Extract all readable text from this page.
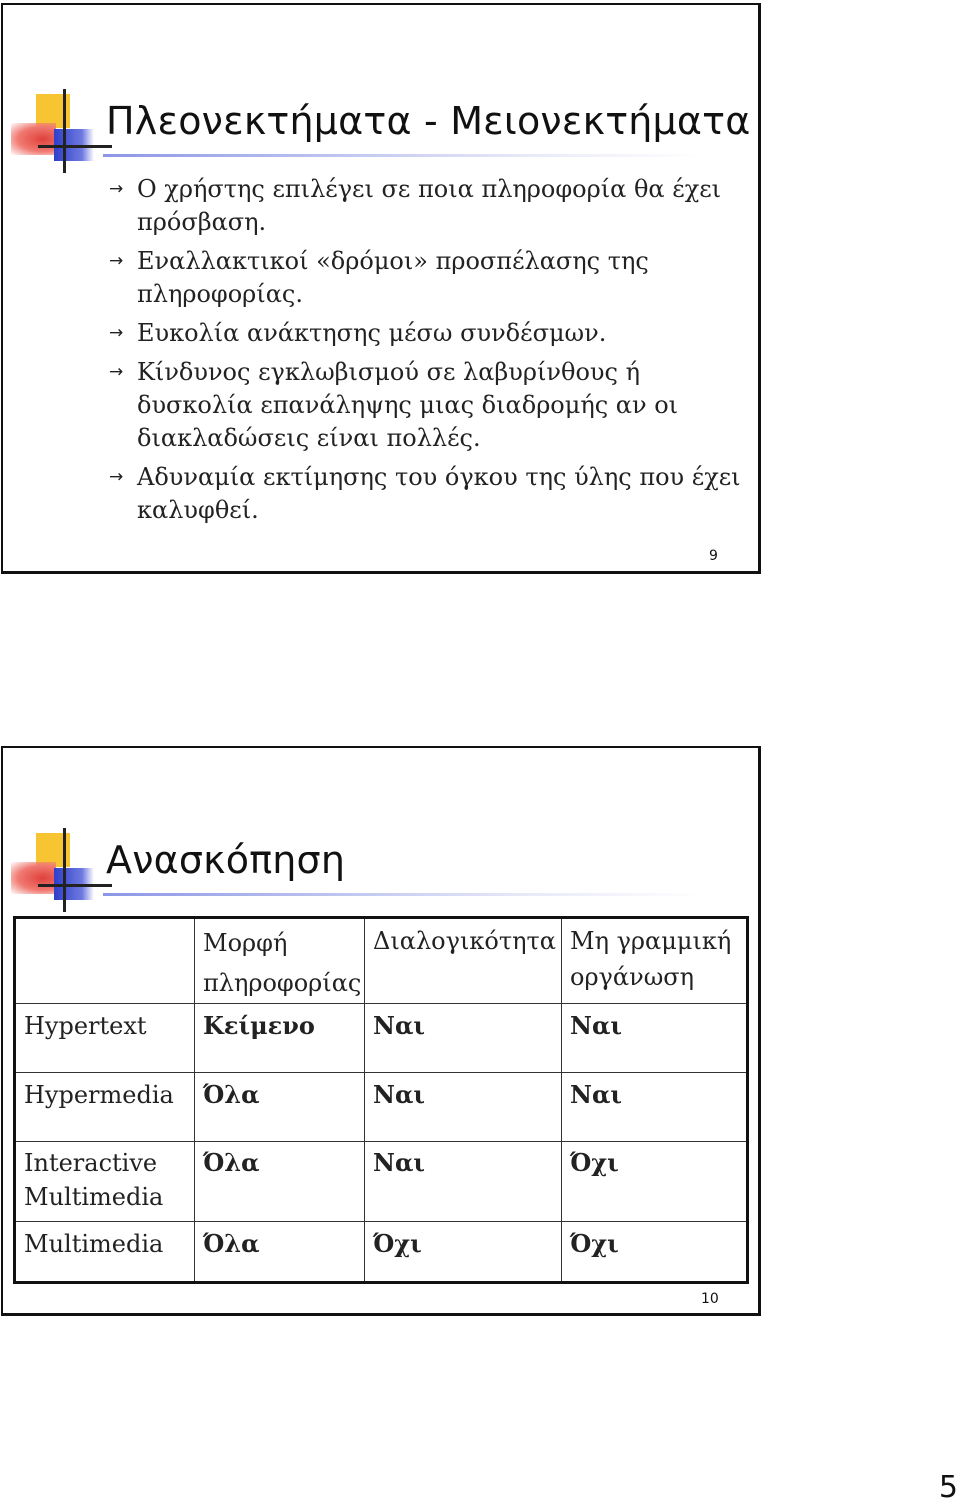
Πλεονεκτήματα - Μειονεκτήματα
→ Ο χρήστης επιλέγει σε ποια πληροφορία θα έχει πρόσβαση.
→ Εναλλακτικοί «δρόμοι» προσπέλασης της πληροφορίας.
→ Ευκολία ανάκτησης μέσω συνδέσμων.
→ Κίνδυνος εγκλωβισμού σε λαβυρίνθους ή δυσκολία επανάληψης μιας διαδρομής αν οι διακλαδώσεις είναι πολλές.
→ Αδυναμία εκτίμησης του όγκου της ύλης που έχει καλυφθεί.
9
Ανασκόπηση
	Μορφή πληροφορίας	Διαλογικότητα	Μη γραμμική οργάνωση
Hypertext	Κείμενο	Ναι	Ναι
Hypermedia	Όλα	Ναι	Ναι
Interactive Multimedia	Όλα	Ναι	Όχι
Multimedia	Όλα	Όχι	Όχι
10
5
